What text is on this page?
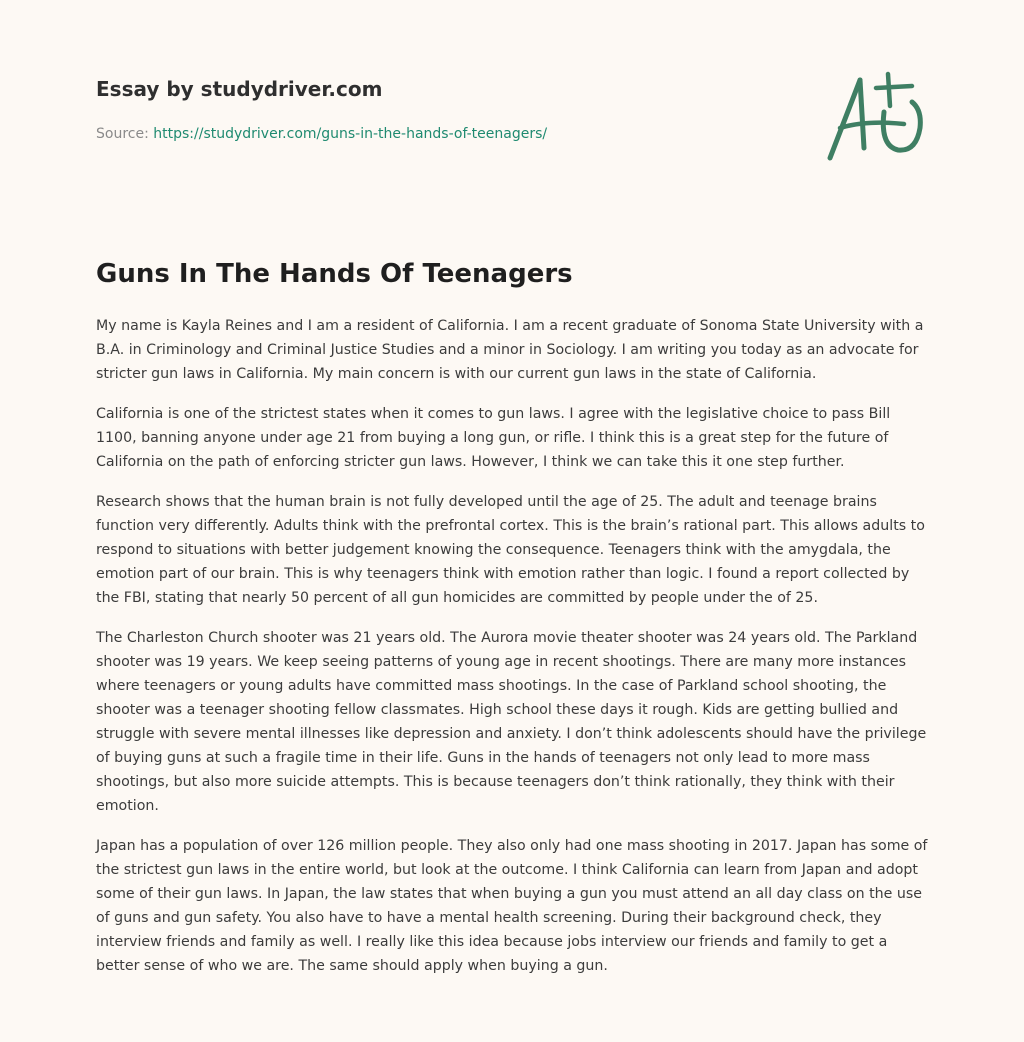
Essay by studydriver.com
Source: https://studydriver.com/guns-in-the-hands-of-teenagers/
Guns In The Hands Of Teenagers

My name is Kayla Reines and I am a resident of California. I am a recent graduate of Sonoma State University with a B.A. in Criminology and Criminal Justice Studies and a minor in Sociology. I am writing you today as an advocate for stricter gun laws in California. My main concern is with our current gun laws in the state of California.

California is one of the strictest states when it comes to gun laws. I agree with the legislative choice to pass Bill 1100, banning anyone under age 21 from buying a long gun, or rifle. I think this is a great step for the future of California on the path of enforcing stricter gun laws. However, I think we can take this it one step further.

Research shows that the human brain is not fully developed until the age of 25. The adult and teenage brains function very differently. Adults think with the prefrontal cortex. This is the brain’s rational part. This allows adults to respond to situations with better judgement knowing the consequence. Teenagers think with the amygdala, the emotion part of our brain. This is why teenagers think with emotion rather than logic. I found a report collected by the FBI, stating that nearly 50 percent of all gun homicides are committed by people under the of 25.

The Charleston Church shooter was 21 years old. The Aurora movie theater shooter was 24 years old. The Parkland shooter was 19 years. We keep seeing patterns of young age in recent shootings. There are many more instances where teenagers or young adults have committed mass shootings. In the case of Parkland school shooting, the shooter was a teenager shooting fellow classmates. High school these days it rough. Kids are getting bullied and struggle with severe mental illnesses like depression and anxiety. I don’t think adolescents should have the privilege of buying guns at such a fragile time in their life. Guns in the hands of teenagers not only lead to more mass shootings, but also more suicide attempts. This is because teenagers don’t think rationally, they think with their emotion.

Japan has a population of over 126 million people. They also only had one mass shooting in 2017. Japan has some of the strictest gun laws in the entire world, but look at the outcome. I think California can learn from Japan and adopt some of their gun laws. In Japan, the law states that when buying a gun you must attend an all day class on the use of guns and gun safety. You also have to have a mental health screening. During their background check, they interview friends and family as well. I really like this idea because jobs interview our friends and family to get a better sense of who we are. The same should apply when buying a gun.
